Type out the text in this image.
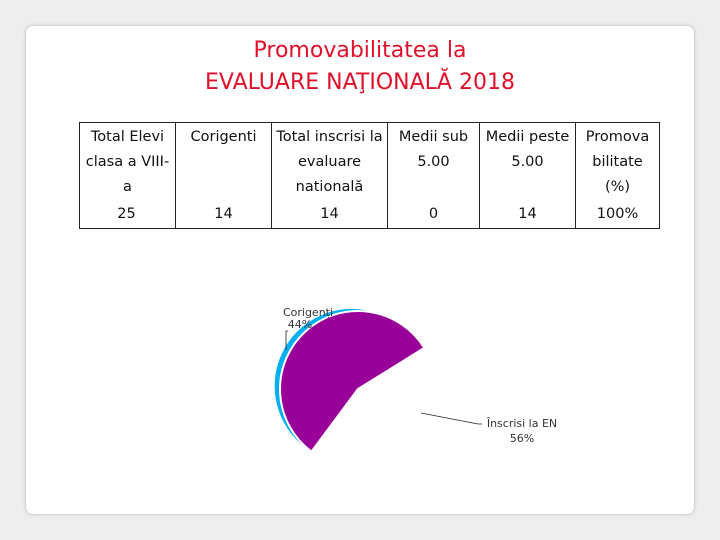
Promovabilitatea la
EVALUARE NAŢIONALĂ 2018
Total Elevi clasa a VIII-a	Corigenti	Total inscrisi la evaluare natională	Medii sub 5.00	Medii peste 5.00	Promova bilitate (%)
25	14	14	0	14	100%
Corigenți
44%
Înscrisi la EN
56%
